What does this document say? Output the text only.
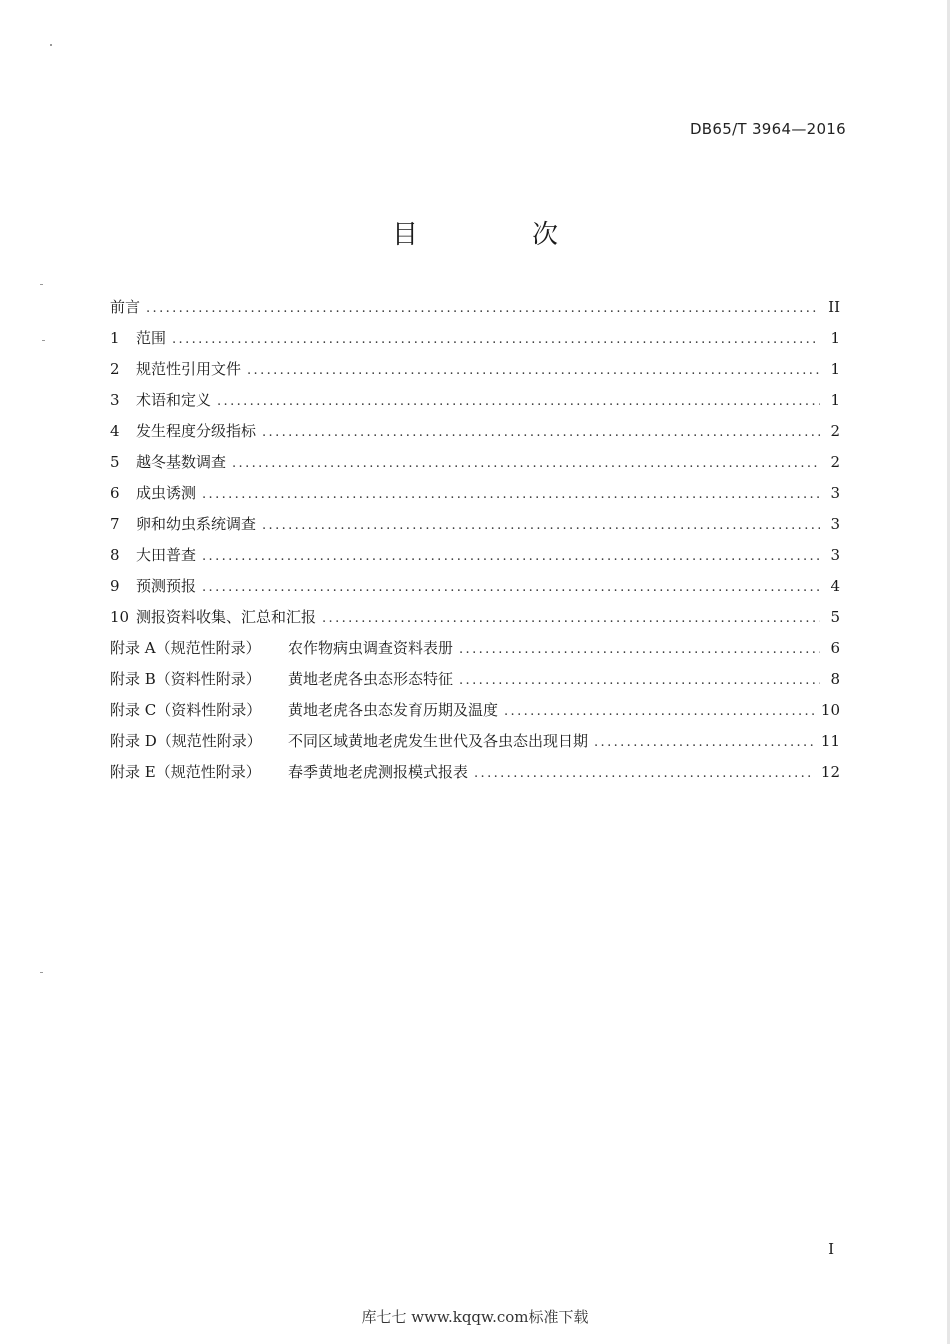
DB65/T 3964—2016
目　次
前言 .....	II
1 范围 .....	1
2 规范性引用文件 .....	1
3 术语和定义 .....	1
4 发生程度分级指标 .....	2
5 越冬基数调查 .....	2
6 成虫诱测 .....	3
7 卵和幼虫系统调查 .....	3
8 大田普查 .....	3
9 预测预报 .....	4
10 测报资料收集、汇总和汇报 .....	5
附录 A（规范性附录） 农作物病虫调查资料表册 .....	6
附录 B（资料性附录） 黄地老虎各虫态形态特征 .....	8
附录 C（资料性附录） 黄地老虎各虫态发育历期及温度 .....	10
附录 D（规范性附录） 不同区域黄地老虎发生世代及各虫态出现日期 .....	11
附录 E（规范性附录） 春季黄地老虎测报模式报表 .....	12
I
库七七 www.kqqw.com标准下载
